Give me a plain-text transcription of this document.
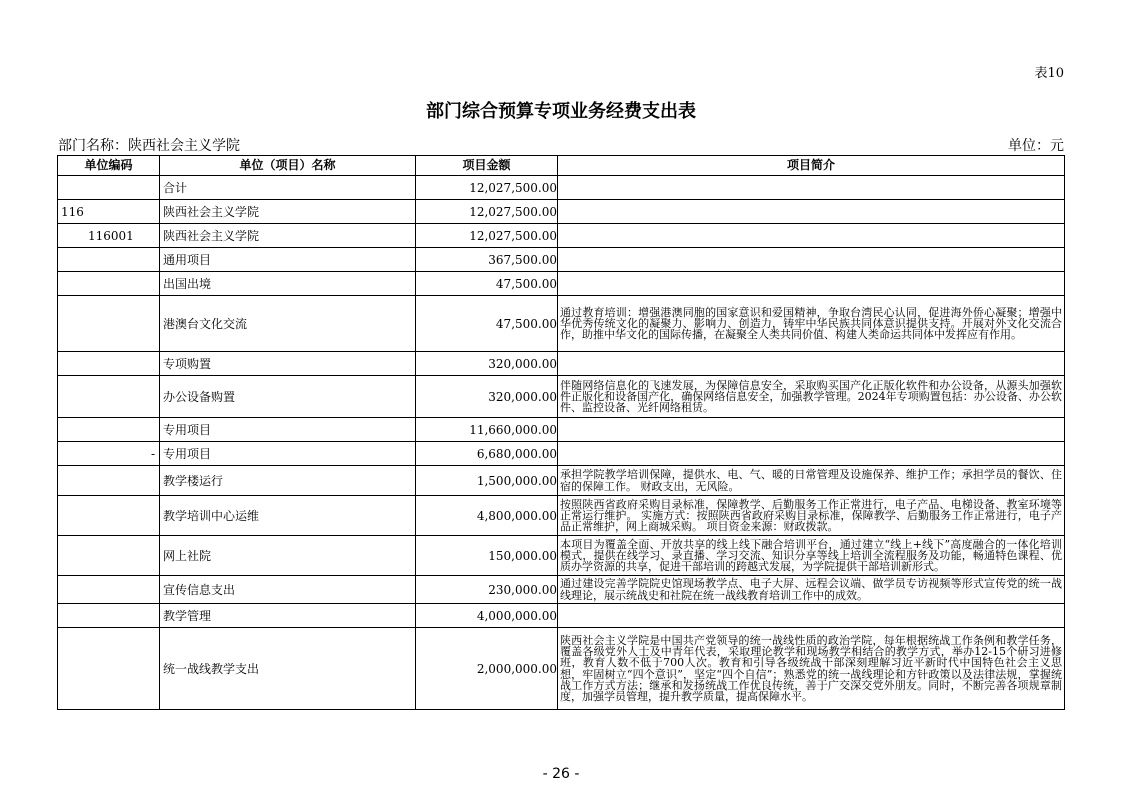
表10
部门综合预算专项业务经费支出表
部门名称：陕西社会主义学院	单位：元
单位编码	单位（项目）名称	项目金额	项目简介
	合计	12,027,500.00	
116	陕西社会主义学院	12,027,500.00	
116001	陕西社会主义学院	12,027,500.00	
	通用项目	367,500.00	
	出国出境	47,500.00	
	港澳台文化交流	47,500.00	通过教育培训：增强港澳同胞的国家意识和爱国精神，争取台湾民心认同，促进海外侨心凝聚；增强中华优秀传统文化的凝聚力、影响力、创造力，铸牢中华民族共同体意识提供支持。开展对外文化交流合作，助推中华文化的国际传播，在凝聚全人类共同价值、构建人类命运共同体中发挥应有作用。
	专项购置	320,000.00	
	办公设备购置	320,000.00	伴随网络信息化的飞速发展，为保障信息安全，采取购买国产化正版化软件和办公设备，从源头加强软件正版化和设备国产化，确保网络信息安全，加强教学管理。2024年专项购置包括：办公设备、办公软件、监控设备、光纤网络租赁。
	专用项目	11,660,000.00	
-	专用项目	6,680,000.00	
	教学楼运行	1,500,000.00	承担学院教学培训保障，提供水、电、气、暖的日常管理及设施保养、维护工作；承担学员的餐饮、住宿的保障工作。 财政支出，无风险。
	教学培训中心运维	4,800,000.00	按照陕西省政府采购目录标准，保障教学、后勤服务工作正常进行，电子产品、电梯设备、教室环境等正常运行维护。 实施方式：按照陕西省政府采购目录标准，保障教学、后勤服务工作正常进行，电子产品正常维护，网上商城采购。 项目资金来源：财政拨款。
	网上社院	150,000.00	本项目为覆盖全面、开放共享的线上线下融合培训平台，通过建立“线上+线下”高度融合的一体化培训模式，提供在线学习、录直播、学习交流、知识分享等线上培训全流程服务及功能，畅通特色课程、优质办学资源的共享，促进干部培训的跨越式发展，为学院提供干部培训新形式。
	宣传信息支出	230,000.00	通过建设完善学院院史馆现场教学点、电子大屏、远程会议端、做学员专访视频等形式宣传党的统一战线理论，展示统战史和社院在统一战线教育培训工作中的成效。
	教学管理	4,000,000.00	
	统一战线教学支出	2,000,000.00	陕西社会主义学院是中国共产党领导的统一战线性质的政治学院，每年根据统战工作条例和教学任务，覆盖各级党外人士及中青年代表，采取理论教学和现场教学相结合的教学方式，举办12-15个研习进修班，教育人数不低于700人次。教育和引导各级统战干部深刻理解习近平新时代中国特色社会主义思想，牢固树立“四个意识”，坚定“四个自信”；熟悉党的统一战线理论和方针政策以及法律法规，掌握统战工作方式方法；继承和发扬统战工作优良传统，善于广交深交党外朋友。同时，不断完善各项规章制度，加强学员管理，提升教学质量，提高保障水平。
- 26 -
